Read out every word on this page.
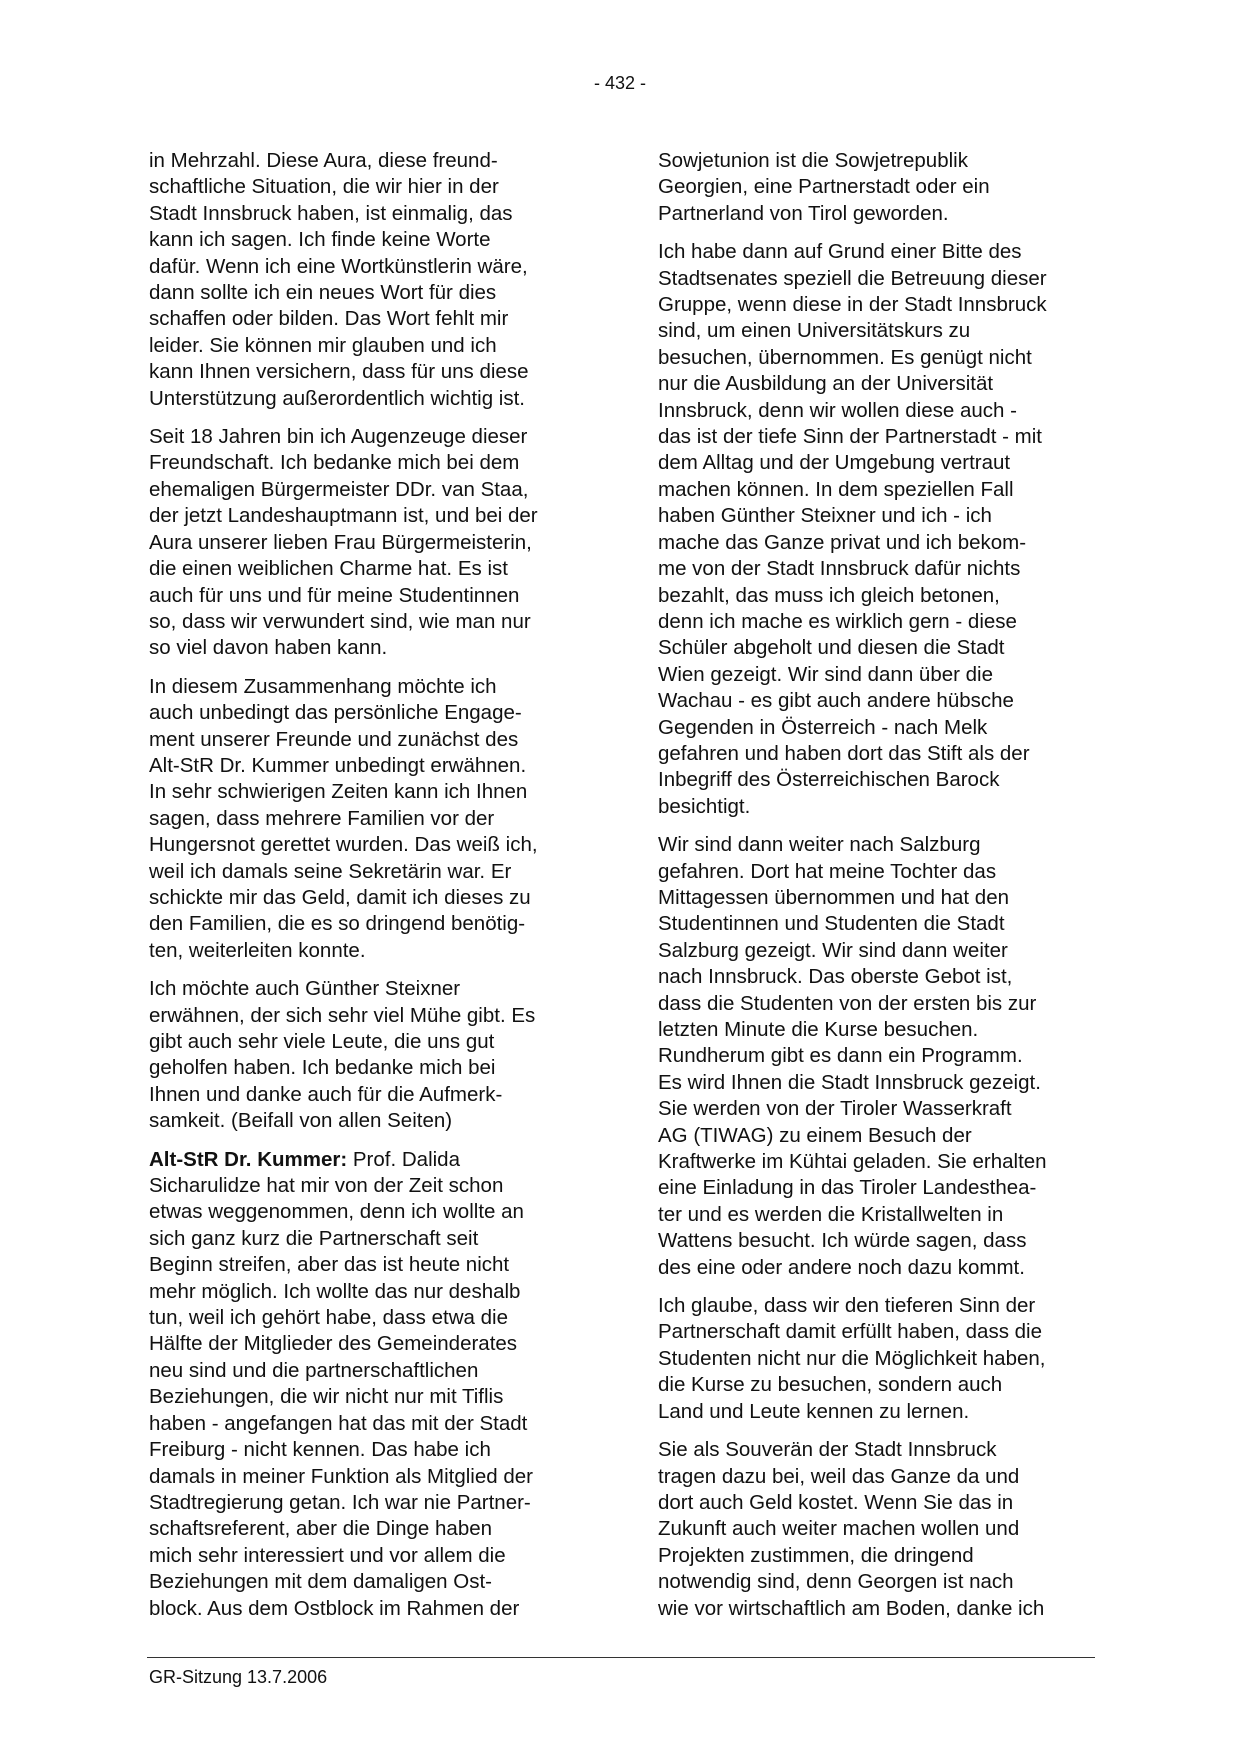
- 432 -

in Mehrzahl. Diese Aura, diese freund-
schaftliche Situation, die wir hier in der
Stadt Innsbruck haben, ist einmalig, das
kann ich sagen. Ich finde keine Worte
dafür. Wenn ich eine Wortkünstlerin wäre,
dann sollte ich ein neues Wort für dies
schaffen oder bilden. Das Wort fehlt mir
leider. Sie können mir glauben und ich
kann Ihnen versichern, dass für uns diese
Unterstützung außerordentlich wichtig ist.

Seit 18 Jahren bin ich Augenzeuge dieser
Freundschaft. Ich bedanke mich bei dem
ehemaligen Bürgermeister DDr. van Staa,
der jetzt Landeshauptmann ist, und bei der
Aura unserer lieben Frau Bürgermeisterin,
die einen weiblichen Charme hat. Es ist
auch für uns und für meine Studentinnen
so, dass wir verwundert sind, wie man nur
so viel davon haben kann.

In diesem Zusammenhang möchte ich
auch unbedingt das persönliche Engage-
ment unserer Freunde und zunächst des
Alt-StR Dr. Kummer unbedingt erwähnen.
In sehr schwierigen Zeiten kann ich Ihnen
sagen, dass mehrere Familien vor der
Hungersnot gerettet wurden. Das weiß ich,
weil ich damals seine Sekretärin war. Er
schickte mir das Geld, damit ich dieses zu
den Familien, die es so dringend benötig-
ten, weiterleiten konnte.

Ich möchte auch Günther Steixner
erwähnen, der sich sehr viel Mühe gibt. Es
gibt auch sehr viele Leute, die uns gut
geholfen haben. Ich bedanke mich bei
Ihnen und danke auch für die Aufmerk-
samkeit. (Beifall von allen Seiten)

Alt-StR Dr. Kummer: Prof. Dalida
Sicharulidze hat mir von der Zeit schon
etwas weggenommen, denn ich wollte an
sich ganz kurz die Partnerschaft seit
Beginn streifen, aber das ist heute nicht
mehr möglich. Ich wollte das nur deshalb
tun, weil ich gehört habe, dass etwa die
Hälfte der Mitglieder des Gemeinderates
neu sind und die partnerschaftlichen
Beziehungen, die wir nicht nur mit Tiflis
haben - angefangen hat das mit der Stadt
Freiburg - nicht kennen. Das habe ich
damals in meiner Funktion als Mitglied der
Stadtregierung getan. Ich war nie Partner-
schaftsreferent, aber die Dinge haben
mich sehr interessiert und vor allem die
Beziehungen mit dem damaligen Ost-
block. Aus dem Ostblock im Rahmen der

Sowjetunion ist die Sowjetrepublik
Georgien, eine Partnerstadt oder ein
Partnerland von Tirol geworden.

Ich habe dann auf Grund einer Bitte des
Stadtsenates speziell die Betreuung dieser
Gruppe, wenn diese in der Stadt Innsbruck
sind, um einen Universitätskurs zu
besuchen, übernommen. Es genügt nicht
nur die Ausbildung an der Universität
Innsbruck, denn wir wollen diese auch -
das ist der tiefe Sinn der Partnerstadt - mit
dem Alltag und der Umgebung vertraut
machen können. In dem speziellen Fall
haben Günther Steixner und ich - ich
mache das Ganze privat und ich bekom-
me von der Stadt Innsbruck dafür nichts
bezahlt, das muss ich gleich betonen,
denn ich mache es wirklich gern - diese
Schüler abgeholt und diesen die Stadt
Wien gezeigt. Wir sind dann über die
Wachau - es gibt auch andere hübsche
Gegenden in Österreich - nach Melk
gefahren und haben dort das Stift als der
Inbegriff des Österreichischen Barock
besichtigt.

Wir sind dann weiter nach Salzburg
gefahren. Dort hat meine Tochter das
Mittagessen übernommen und hat den
Studentinnen und Studenten die Stadt
Salzburg gezeigt. Wir sind dann weiter
nach Innsbruck. Das oberste Gebot ist,
dass die Studenten von der ersten bis zur
letzten Minute die Kurse besuchen.
Rundherum gibt es dann ein Programm.
Es wird Ihnen die Stadt Innsbruck gezeigt.
Sie werden von der Tiroler Wasserkraft
AG (TIWAG) zu einem Besuch der
Kraftwerke im Kühtai geladen. Sie erhalten
eine Einladung in das Tiroler Landesthea-
ter und es werden die Kristallwelten in
Wattens besucht. Ich würde sagen, dass
des eine oder andere noch dazu kommt.

Ich glaube, dass wir den tieferen Sinn der
Partnerschaft damit erfüllt haben, dass die
Studenten nicht nur die Möglichkeit haben,
die Kurse zu besuchen, sondern auch
Land und Leute kennen zu lernen.

Sie als Souverän der Stadt Innsbruck
tragen dazu bei, weil das Ganze da und
dort auch Geld kostet. Wenn Sie das in
Zukunft auch weiter machen wollen und
Projekten zustimmen, die dringend
notwendig sind, denn Georgen ist nach
wie vor wirtschaftlich am Boden, danke ich

GR-Sitzung 13.7.2006
